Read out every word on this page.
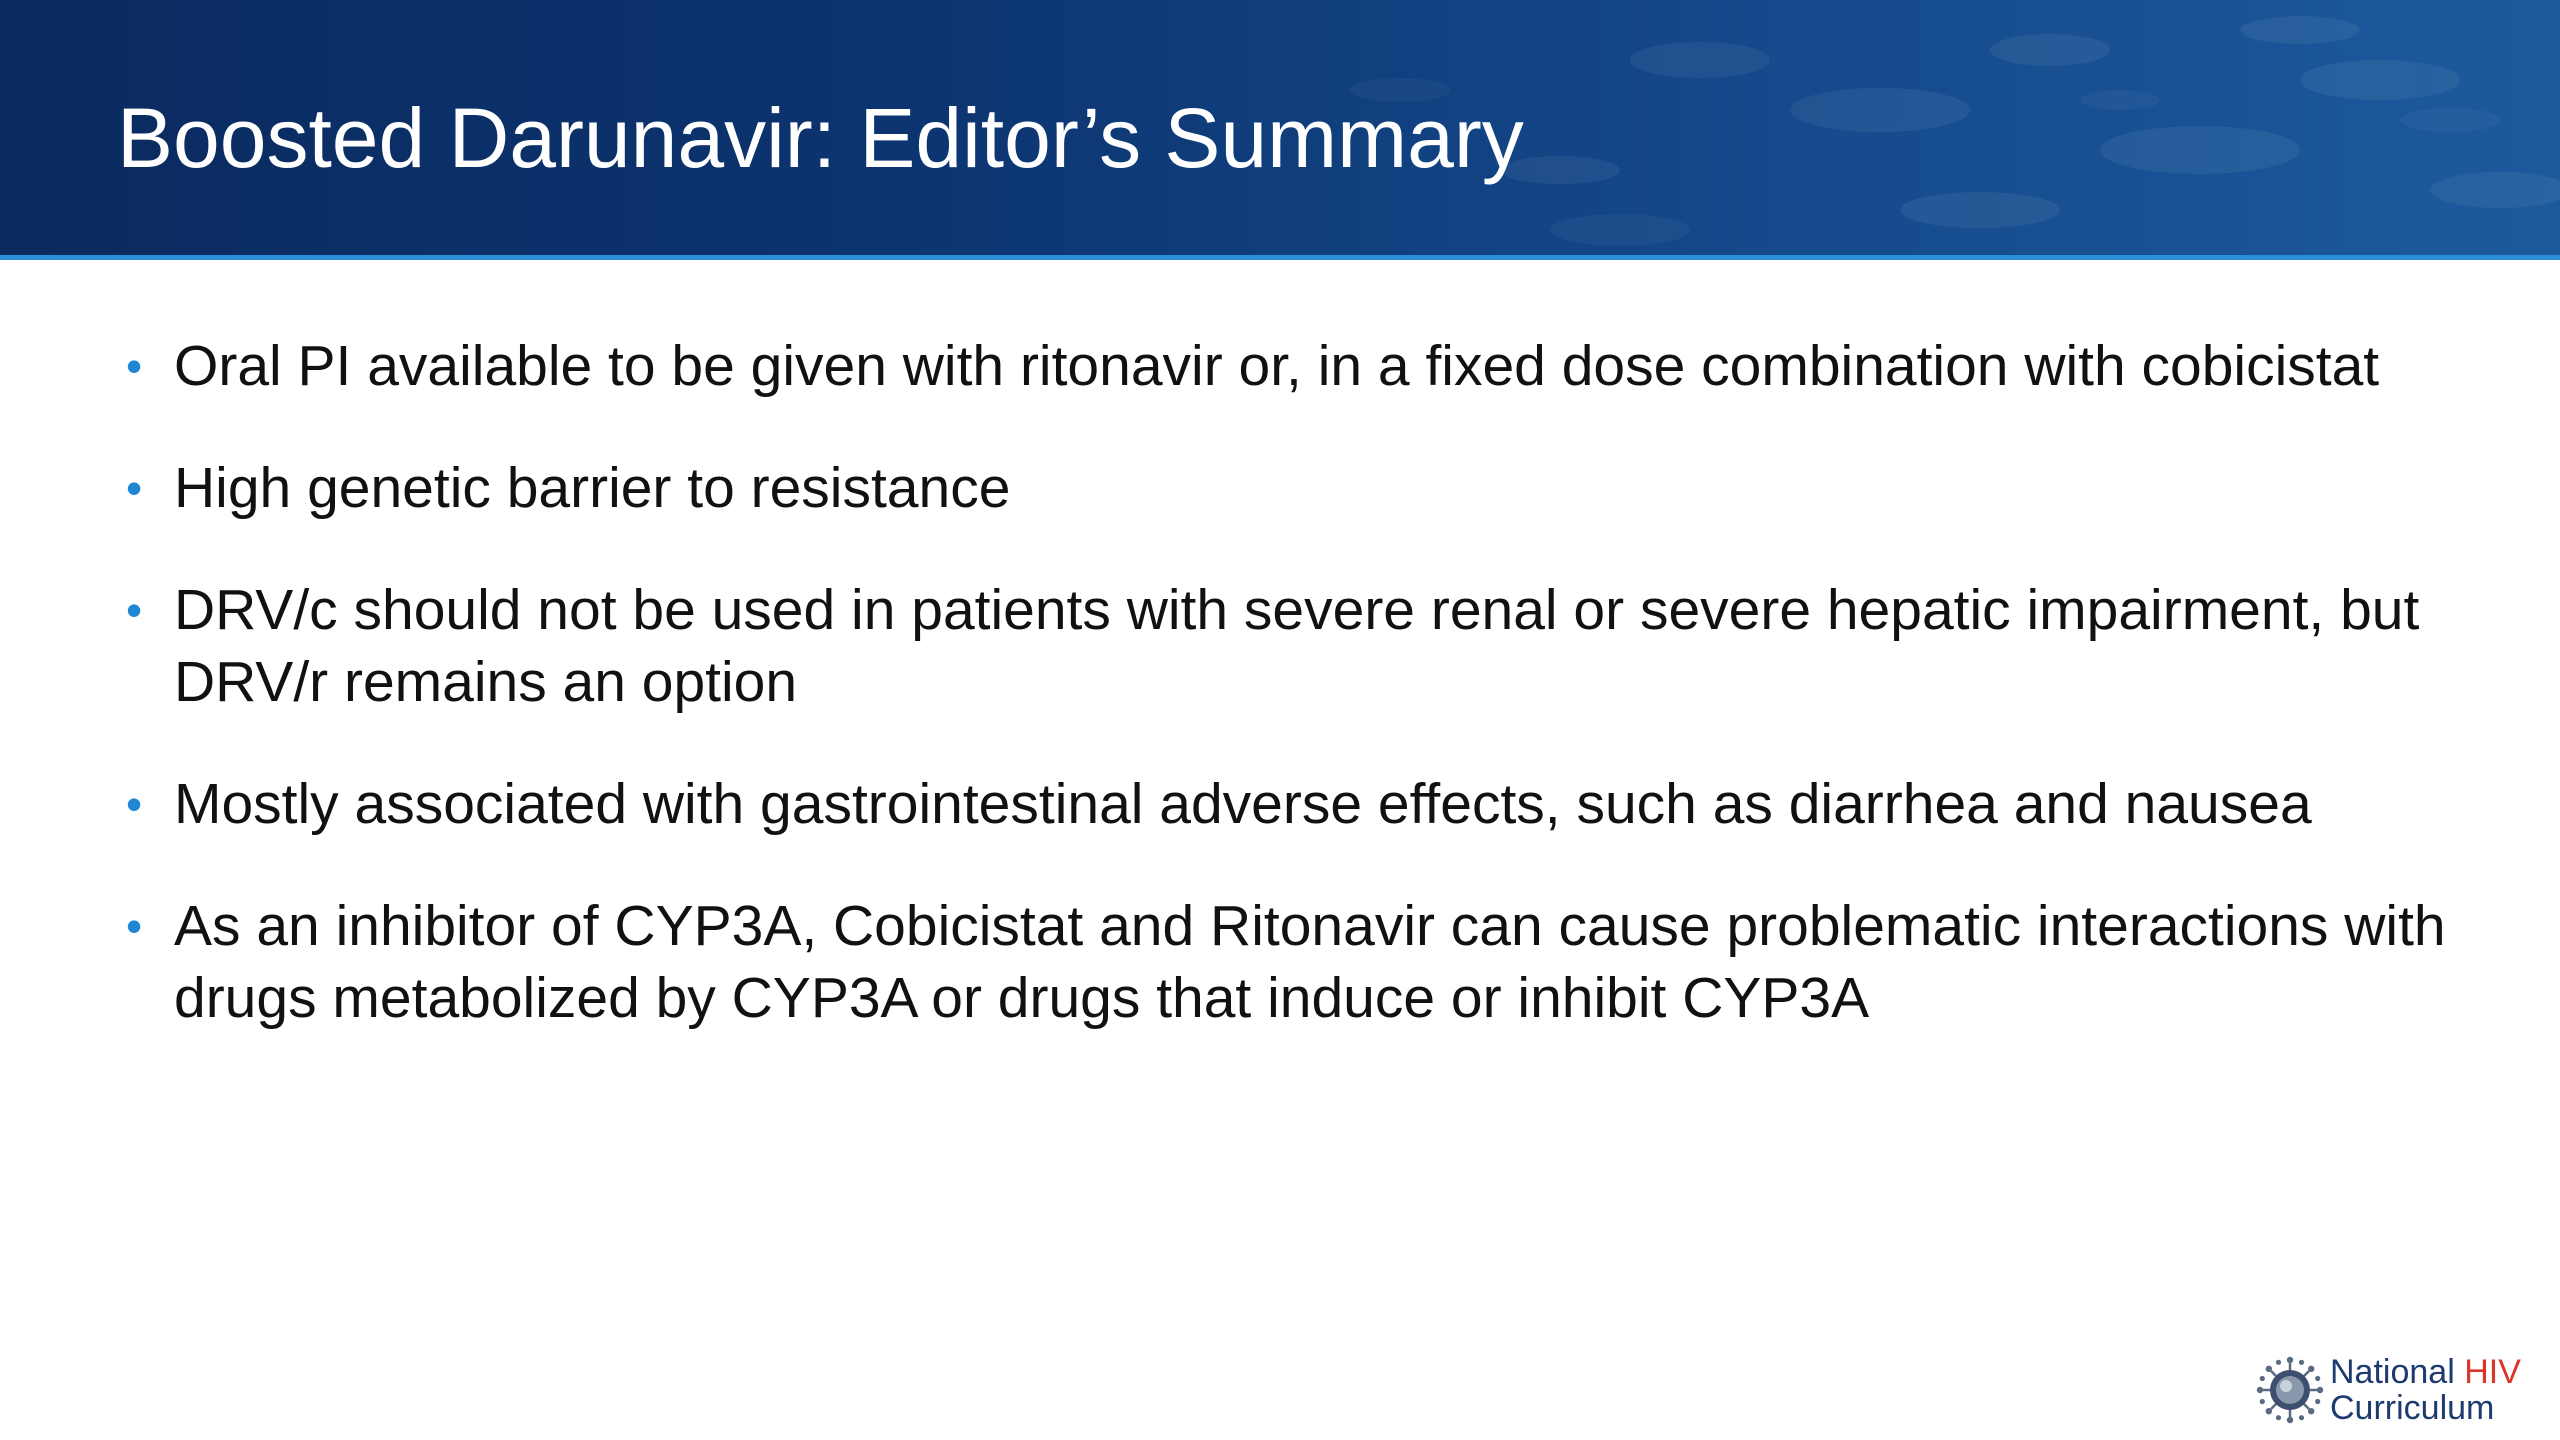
Boosted Darunavir: Editor’s Summary
• Oral PI available to be given with ritonavir or, in a fixed dose combination with cobicistat
• High genetic barrier to resistance
• DRV/c should not be used in patients with severe renal or severe hepatic impairment, but DRV/r remains an option
• Mostly associated with gastrointestinal adverse effects, such as diarrhea and nausea
• As an inhibitor of CYP3A, Cobicistat and Ritonavir can cause problematic interactions with drugs metabolized by CYP3A or drugs that induce or inhibit CYP3A
National HIV
Curriculum
